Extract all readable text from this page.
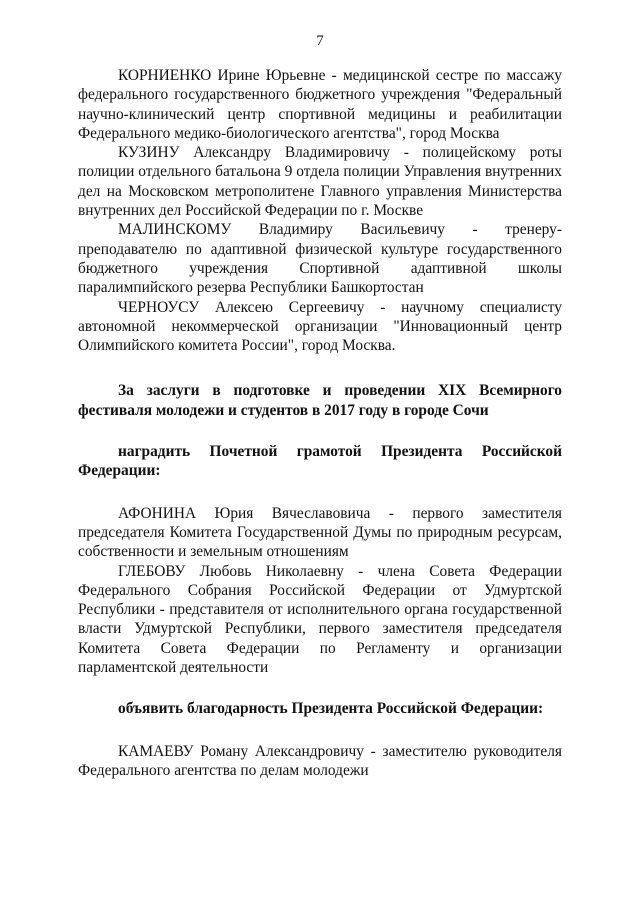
7

КОРНИЕНКО Ирине Юрьевне - медицинской сестре по массажу федерального государственного бюджетного учреждения "Федеральный научно-клинический центр спортивной медицины и реабилитации Федерального медико-биологического агентства", город Москва

КУЗИНУ Александру Владимировичу - полицейскому роты полиции отдельного батальона 9 отдела полиции Управления внутренних дел на Московском метрополитене Главного управления Министерства внутренних дел Российской Федерации по г. Москве

МАЛИНСКОМУ Владимиру Васильевичу - тренеру-преподавателю по адаптивной физической культуре государственного бюджетного учреждения Спортивной адаптивной школы паралимпийского резерва Республики Башкортостан

ЧЕРНОУСУ Алексею Сергеевичу - научному специалисту автономной некоммерческой организации "Инновационный центр Олимпийского комитета России", город Москва.

За заслуги в подготовке и проведении XIX Всемирного фестиваля молодежи и студентов в 2017 году в городе Сочи

наградить Почетной грамотой Президента Российской Федерации:

АФОНИНА Юрия Вячеславовича - первого заместителя председателя Комитета Государственной Думы по природным ресурсам, собственности и земельным отношениям

ГЛЕБОВУ Любовь Николаевну - члена Совета Федерации Федерального Собрания Российской Федерации от Удмуртской Республики - представителя от исполнительного органа государственной власти Удмуртской Республики, первого заместителя председателя Комитета Совета Федерации по Регламенту и организации парламентской деятельности

объявить благодарность Президента Российской Федерации:

КАМАЕВУ Роману Александровичу - заместителю руководителя Федерального агентства по делам молодежи
